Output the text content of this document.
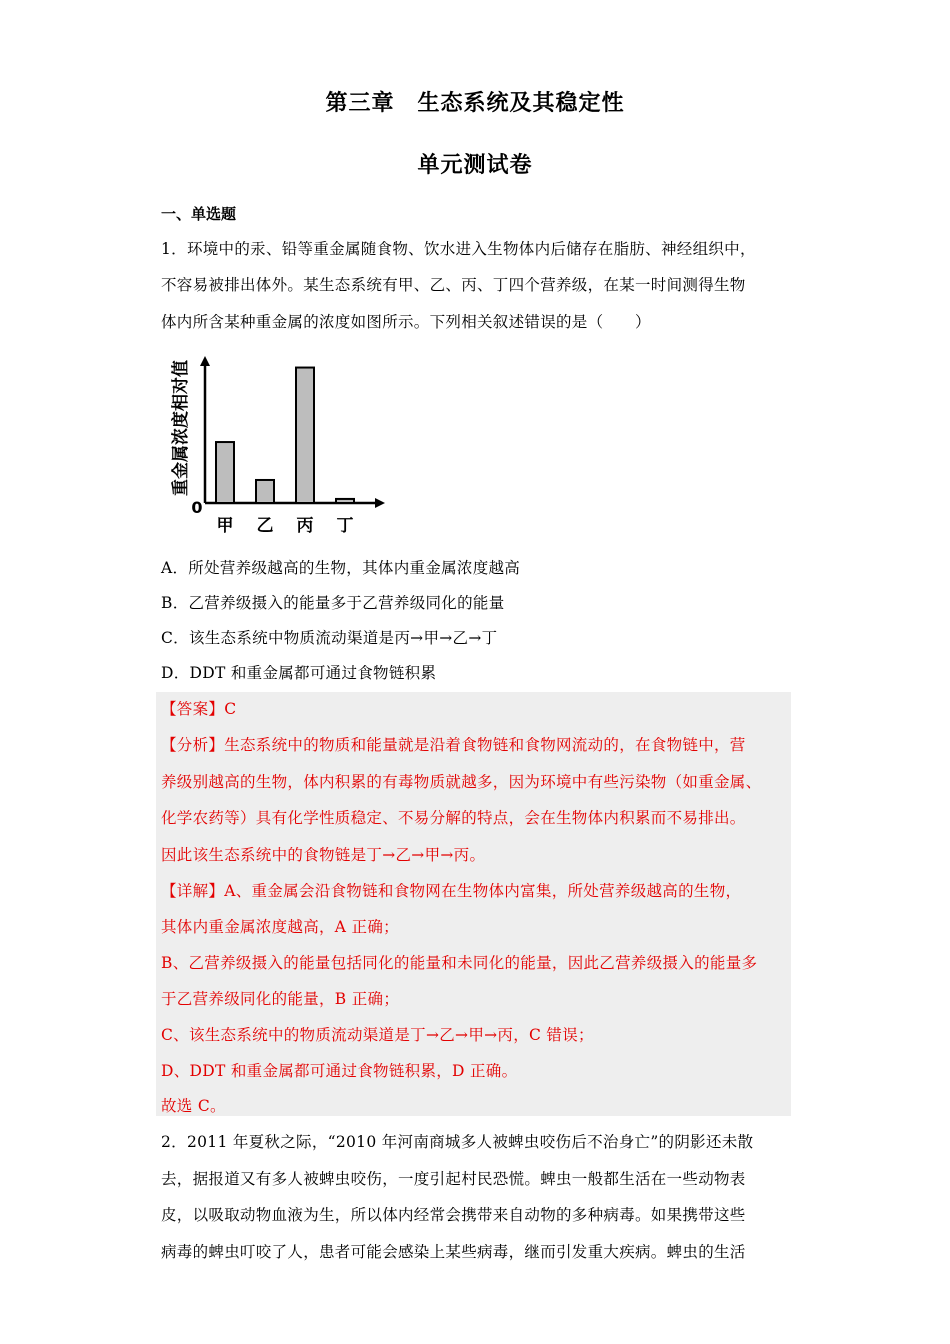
第三章　生态系统及其稳定性
单元测试卷
一、单选题
1．环境中的汞、铅等重金属随食物、饮水进入生物体内后储存在脂肪、神经组织中，
不容易被排出体外。某生态系统有甲、乙、丙、丁四个营养级，在某一时间测得生物
体内所含某种重金属的浓度如图所示。下列相关叙述错误的是（　　）
重金属浓度相对值
0
甲 乙 丙 丁
A．所处营养级越高的生物，其体内重金属浓度越高
B．乙营养级摄入的能量多于乙营养级同化的能量
C．该生态系统中物质流动渠道是丙→甲→乙→丁
D．DDT 和重金属都可通过食物链积累
【答案】C
【分析】生态系统中的物质和能量就是沿着食物链和食物网流动的，在食物链中，营
养级别越高的生物，体内积累的有毒物质就越多，因为环境中有些污染物（如重金属、
化学农药等）具有化学性质稳定、不易分解的特点，会在生物体内积累而不易排出。
因此该生态系统中的食物链是丁→乙→甲→丙。
【详解】A、重金属会沿食物链和食物网在生物体内富集，所处营养级越高的生物，
其体内重金属浓度越高，A 正确；
B、乙营养级摄入的能量包括同化的能量和未同化的能量，因此乙营养级摄入的能量多
于乙营养级同化的能量，B 正确；
C、该生态系统中的物质流动渠道是丁→乙→甲→丙，C 错误；
D、DDT 和重金属都可通过食物链积累，D 正确。
故选 C。
2．2011 年夏秋之际，“2010 年河南商城多人被蜱虫咬伤后不治身亡”的阴影还未散
去，据报道又有多人被蜱虫咬伤，一度引起村民恐慌。蜱虫一般都生活在一些动物表
皮，以吸取动物血液为生，所以体内经常会携带来自动物的多种病毒。如果携带这些
病毒的蜱虫叮咬了人，患者可能会感染上某些病毒，继而引发重大疾病。蜱虫的生活
